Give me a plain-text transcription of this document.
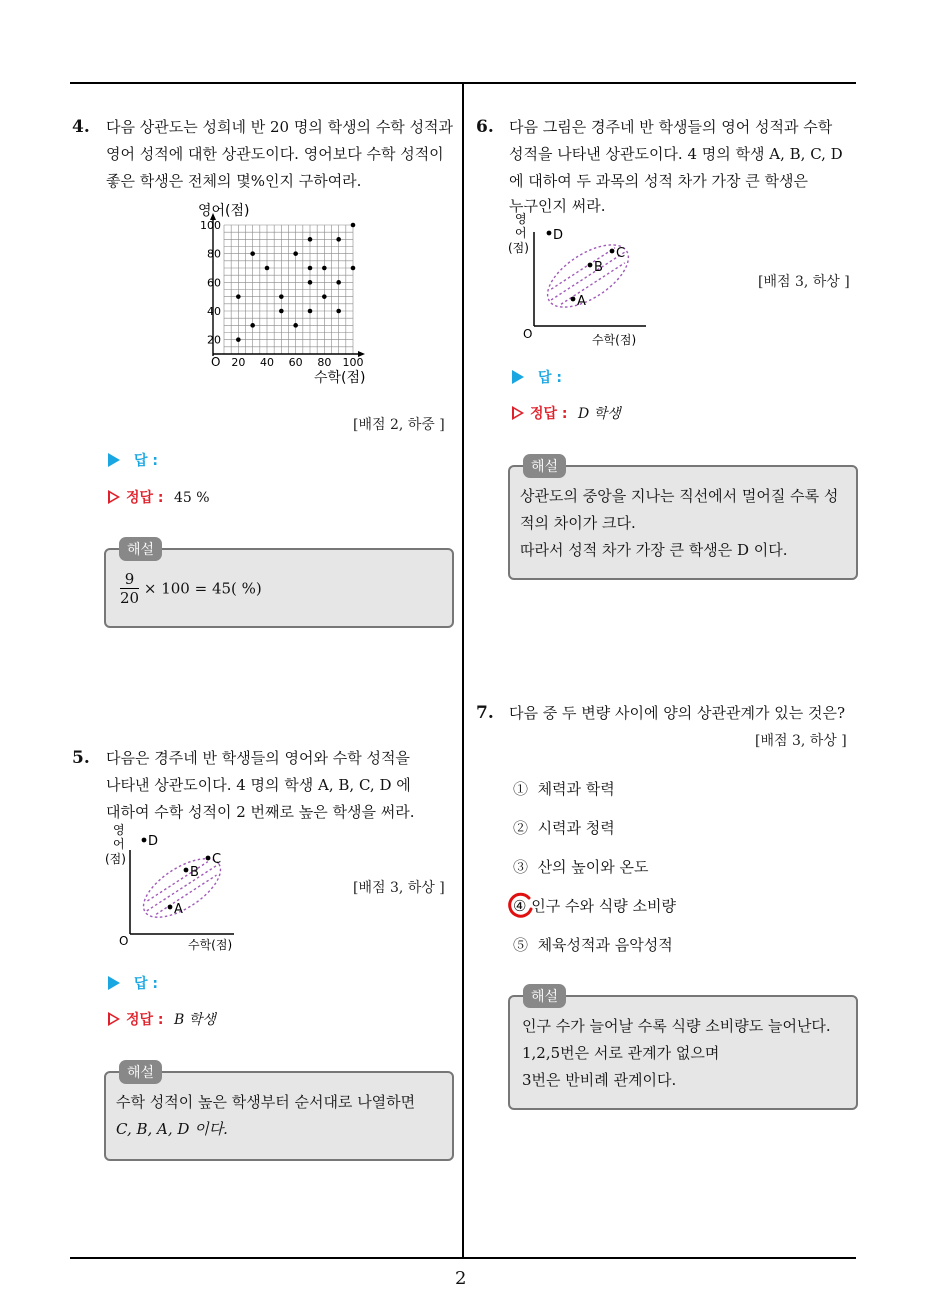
2
4. 다음 상관도는 성희네 반 20 명의 학생의 수학 성적과
영어 성적에 대한 상관도이다. 영어보다 수학 성적이
좋은 학생은 전체의 몇%인지 구하여라.
영어(점)
수학(점)
O 20 40 60 80 100
20
40
60
80
100
[배점 2, 하중 ]
답 :
정답 : 45 %
$\frac{9}{20} \times 100 = 45$( %)
해설
5. 다음은 경주네 반 학생들의 영어와 수학 성적을
나타낸 상관도이다. 4 명의 학생 A, B, C, D 에
대하여 수학 성적이 2 번째로 높은 학생을 써라.
영
어
(점)
D
C
B
A
O	수학(점)
[배점 3, 하상 ]
답 :
정답 : B 학생
수학 성적이 높은 학생부터 순서대로 나열하면
C, B, A, D 이다.
해설
6. 다음 그림은 경주네 반 학생들의 영어 성적과 수학
성적을 나타낸 상관도이다. 4 명의 학생 A, B, C, D
에 대하여 두 과목의 성적 차가 가장 큰 학생은
누구인지 써라.
영
어
(점)
D
C
B
A
O	수학(점)
[배점 3, 하상 ]
답 :
정답 : D 학생
상관도의 중앙을 지나는 직선에서 멀어질 수록 성
적의 차이가 크다.
따라서 성적 차가 가장 큰 학생은 D 이다.
해설
7. 다음 중 두 변량 사이에 양의 상관관계가 있는 것은?
[배점 3, 하상 ]
① 체력과 학력
② 시력과 청력
③ 산의 높이와 온도
④ 인구 수와 식량 소비량
⑤ 체육성적과 음악성적
인구 수가 늘어날 수록 식량 소비량도 늘어난다.
1,2,5번은 서로 관계가 없으며
3번은 반비례 관계이다.
해설
